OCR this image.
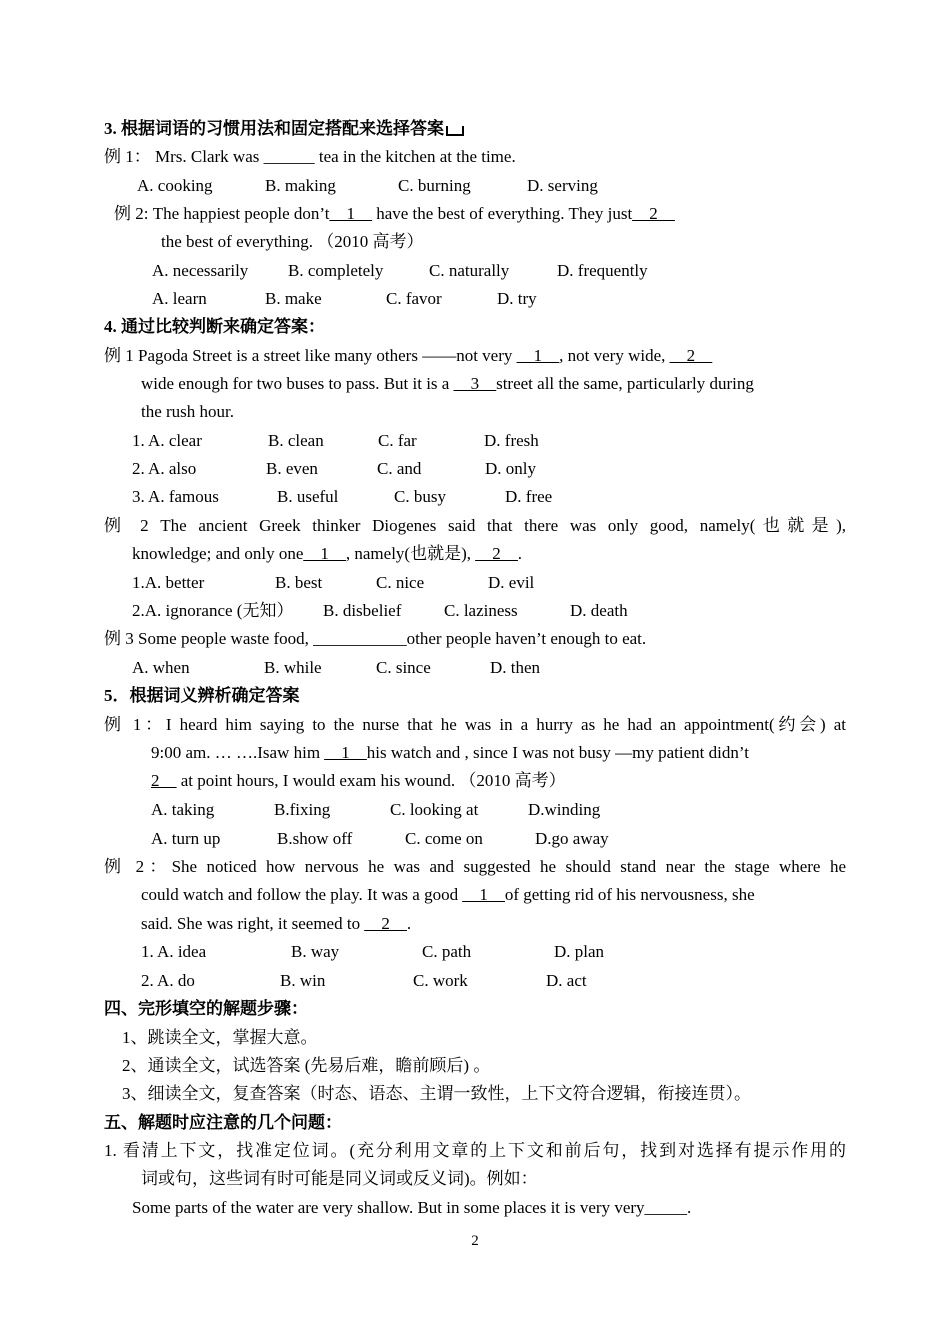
3. 根据词语的习惯用法和固定搭配来选择答案
例 1： Mrs. Clark was ______ tea in the kitchen at the time.
A. cooking	B. making	C. burning	D. serving
例 2: The happiest people don’t__1__ have the best of everything. They just__2__
the best of everything. （2010 高考）
A. necessarily B. completely	C. naturally	D. frequently
A. learn	B. make	C. favor	D. try
4. 通过比较判断来确定答案：
例 1 Pagoda Street is a street like many others ——not very __1__, not very wide, __2__
wide enough for two buses to pass. But it is a __3__street all the same, particularly during
the rush hour.
1. A. clear	B. clean	C. far	D. fresh
2. A. also	B. even	C. and	D. only
3. A. famous	B. useful	C. busy	D. free
例 2 The ancient Greek thinker Diogenes said that there was only good, namely(也就是),
knowledge; and only one__1__, namely(也就是), __2__.
1.A. better	B. best	C. nice	D. evil
2.A. ignorance (无知） B. disbelief	C. laziness	D. death
例 3 Some people waste food, ___________other people haven’t enough to eat.
A. when	B. while	C. since	D. then
5．根据词义辨析确定答案
例 1：I heard him saying to the nurse that he was in a hurry as he had an appointment(约会) at
9:00 am. … ….Isaw him __1__his watch and , since I was not busy —my patient didn’t
2__ at point hours, I would exam his wound. （2010 高考）
A. taking	B.fixing	C. looking at	D.winding
A. turn up	B.show off	C. come on	D.go away
例 2：She noticed how nervous he was and suggested he should stand near the stage where he
could watch and follow the play. It was a good __1__of getting rid of his nervousness, she
said. She was right, it seemed to __2__.
1. A. idea	B. way	C. path	D. plan
2. A. do	B. win	C. work	D. act
四、完形填空的解题步骤：
1、跳读全文，掌握大意。
2、通读全文，试选答案 (先易后难，瞻前顾后) 。
3、细读全文，复查答案（时态、语态、主谓一致性，上下文符合逻辑，衔接连贯）。
五、解题时应注意的几个问题：
1. 看清上下文，找准定位词。(充分利用文章的上下文和前后句，找到对选择有提示作用的
词或句，这些词有时可能是同义词或反义词)。例如：
Some parts of the water are very shallow. But in some places it is very very_____.
2
